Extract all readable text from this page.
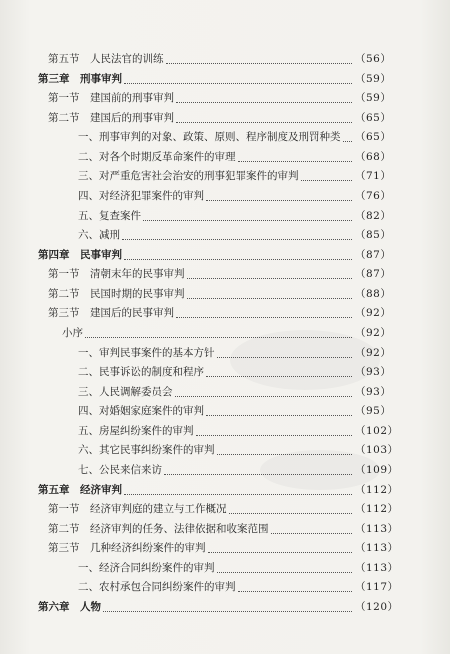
第五节　人民法官的训练	（56）
第三章　刑事审判	（59）
第一节　建国前的刑事审判	（59）
第二节　建国后的刑事审判	（65）
一、刑事审判的对象、政策、原则、程序制度及刑罚种类 （65）
二、对各个时期反革命案件的审理	（68）
三、对严重危害社会治安的刑事犯罪案件的审判	（71）
四、对经济犯罪案件的审判	（76）
五、复查案件	（82）
六、减刑	（85）
第四章　民事审判	（87）
第一节　清朝末年的民事审判	（87）
第二节　民国时期的民事审判	（88）
第三节　建国后的民事审判	（92）
小序	（92）
一、审判民事案件的基本方针	（92）
二、民事诉讼的制度和程序	（93）
三、人民调解委员会	（93）
四、对婚姻家庭案件的审判	（95）
五、房屋纠纷案件的审判	（102）
六、其它民事纠纷案件的审判	（103）
七、公民来信来访	（109）
第五章　经济审判	（112）
第一节　经济审判庭的建立与工作概况	（112）
第二节　经济审判的任务、法律依据和收案范围	（113）
第三节　几种经济纠纷案件的审判	（113）
一、经济合同纠纷案件的审判	（113）
二、农村承包合同纠纷案件的审判	（117）
第六章　人物	（120）
